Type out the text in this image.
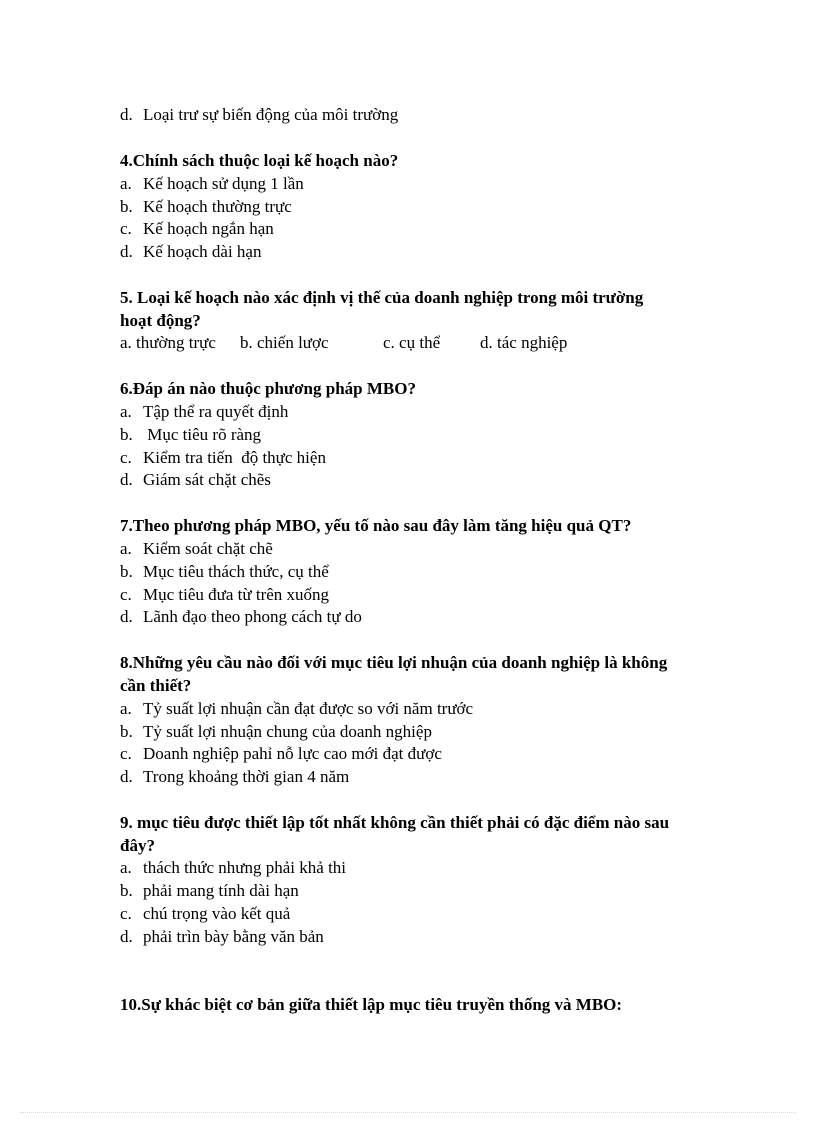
d. Loại trư sự biến động của môi trường
4.Chính sách thuộc loại kế hoạch nào?
a. Kế hoạch sử dụng 1 lần
b. Kế hoạch thường trực
c. Kế hoạch ngắn hạn
d. Kế hoạch dài hạn
5. Loại kế hoạch nào xác định vị thế của doanh nghiệp trong môi trường
hoạt động?
a. thường trực b. chiến lược	c. cụ thể d. tác nghiệp
6.Đáp án nào thuộc phương pháp MBO?
a. Tập thể ra quyết định
b. Mục tiêu rõ ràng
c. Kiểm tra tiến  độ thực hiện
d. Giám sát chặt chẽs
7.Theo phương pháp MBO, yếu tố nào sau đây làm tăng hiệu quả QT?
a. Kiểm soát chặt chẽ
b. Mục tiêu thách thức, cụ thể
c. Mục tiêu đưa từ trên xuống
d. Lãnh đạo theo phong cách tự do
8.Những yêu cầu nào đối với mục tiêu lợi nhuận của doanh nghiệp là không
cần thiết?
a. Tỷ suất lợi nhuận cần đạt được so với năm trước
b. Tỷ suất lợi nhuận chung của doanh nghiệp
c. Doanh nghiệp pahỉ nỗ lực cao mới đạt được
d. Trong khoảng thời gian 4 năm
9. mục tiêu được thiết lập tốt nhất không cần thiết phải có đặc điểm nào sau
đây?
a. thách thức nhưng phải khả thi
b. phải mang tính dài hạn
c. chú trọng vào kết quả
d. phải trìn bày bằng văn bản
10.Sự khác biệt cơ bản giữa thiết lập mục tiêu truyền thống và MBO:
